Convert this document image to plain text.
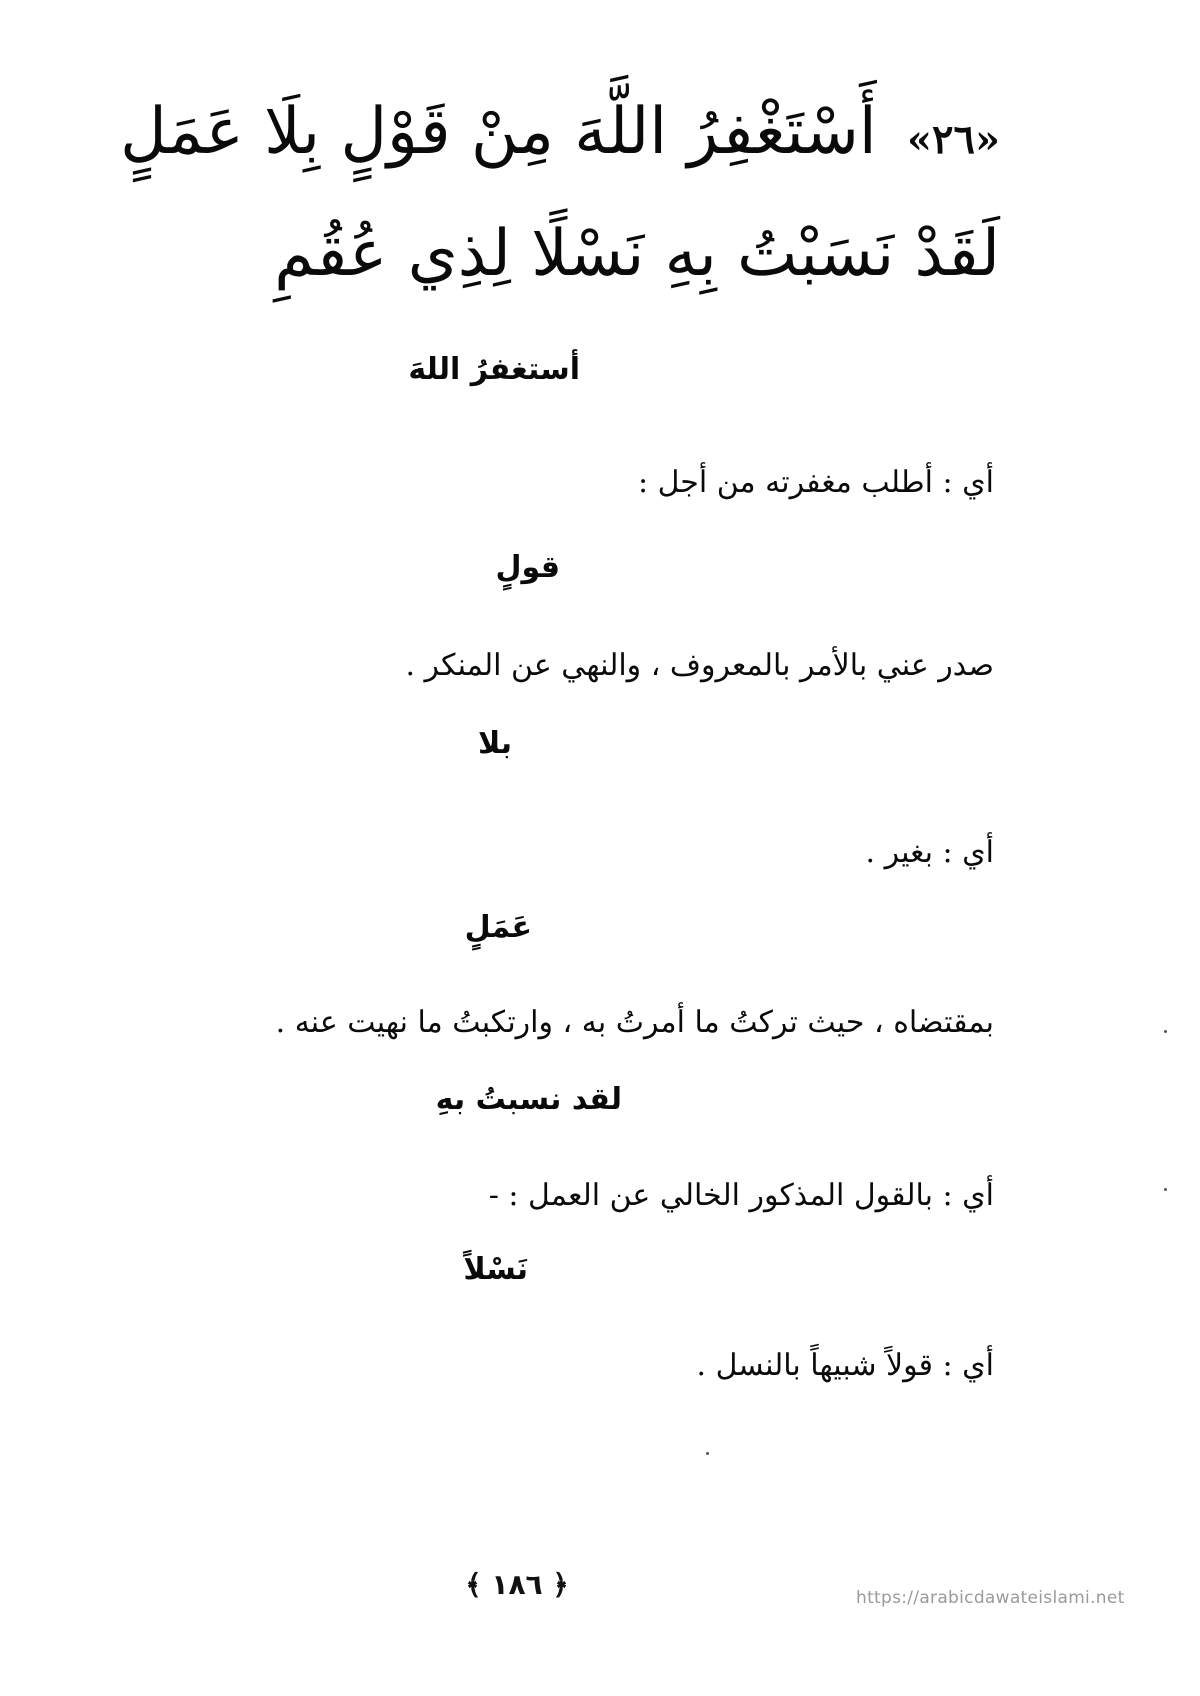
«٢٦» أَسْتَغْفِرُ اللَّهَ مِنْ قَوْلٍ بِلَا عَمَلٍ
لَقَدْ نَسَبْتُ بِهِ نَسْلًا لِذِي عُقُمِ
أستغفرُ اللهَ
أي : أطلب مغفرته من أجل :
قولٍ
صدر عني بالأمر بالمعروف ، والنهي عن المنكر .
بلا
أي : بغير .
عَمَلٍ
بمقتضاه ، حيث تركتُ ما أمرتُ به ، وارتكبتُ ما نهيت عنه .
لقد نسبتُ بهِ
أي : بالقول المذكور الخالي عن العمل : -
نَسْلاً
أي : قولاً شبيهاً بالنسل .
﴿ ١٨٦ ﴾	https://arabicdawateislami.net
